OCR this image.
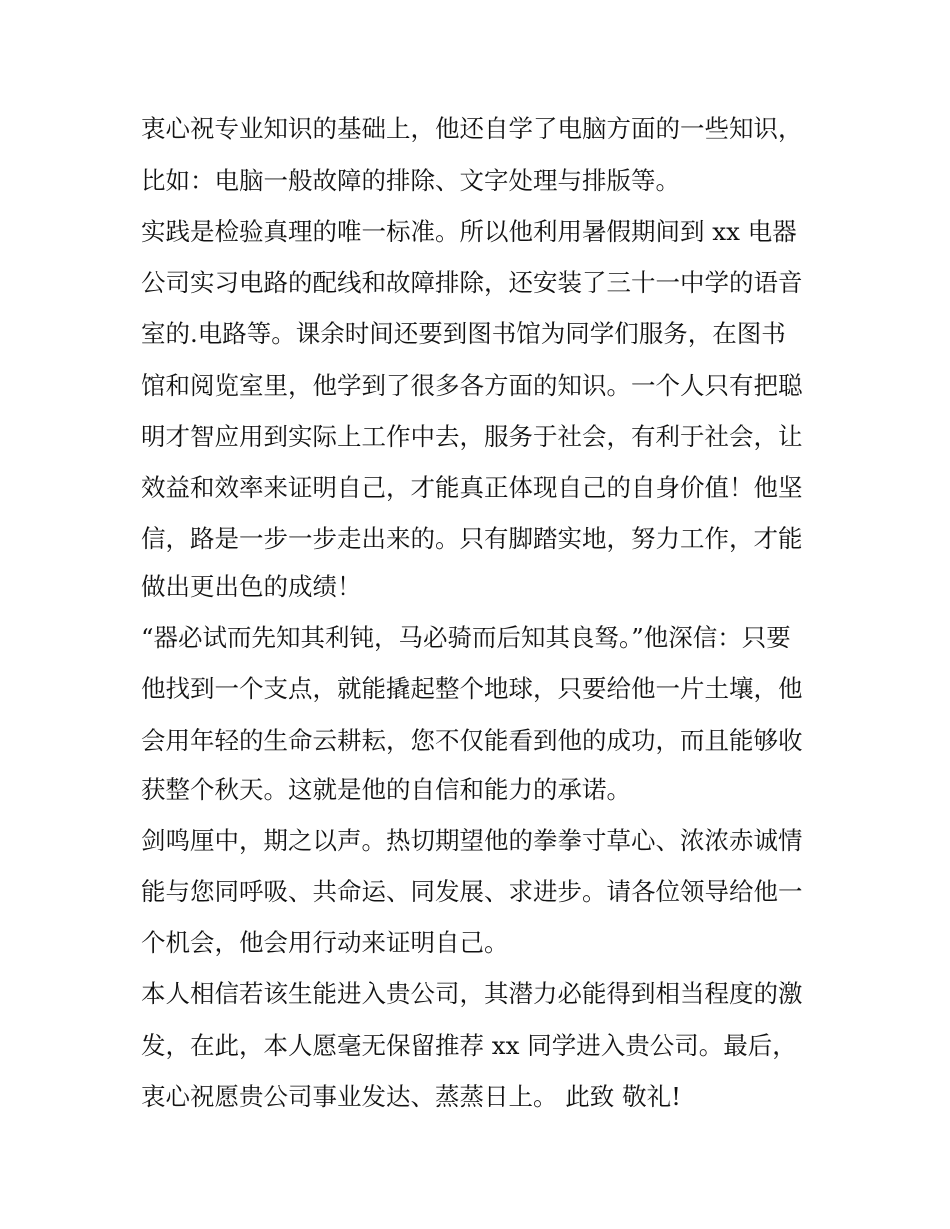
衷心祝专业知识的基础上，他还自学了电脑方面的一些知识，
比如：电脑一般故障的排除、文字处理与排版等。
实践是检验真理的唯一标准。所以他利用暑假期间到 xx 电器
公司实习电路的配线和故障排除，还安装了三十一中学的语音
室的.电路等。课余时间还要到图书馆为同学们服务，在图书
馆和阅览室里，他学到了很多各方面的知识。一个人只有把聪
明才智应用到实际上工作中去，服务于社会，有利于社会，让
效益和效率来证明自己，才能真正体现自己的自身价值！他坚
信，路是一步一步走出来的。只有脚踏实地，努力工作，才能
做出更出色的成绩！
“器必试而先知其利钝，马必骑而后知其良驽。”他深信：只要
他找到一个支点，就能撬起整个地球，只要给他一片土壤，他
会用年轻的生命云耕耘，您不仅能看到他的成功，而且能够收
获整个秋天。这就是他的自信和能力的承诺。
剑鸣厘中，期之以声。热切期望他的拳拳寸草心、浓浓赤诚情
能与您同呼吸、共命运、同发展、求进步。请各位领导给他一
个机会，他会用行动来证明自己。
本人相信若该生能进入贵公司，其潜力必能得到相当程度的激
发，在此，本人愿毫无保留推荐 xx 同学进入贵公司。最后，
衷心祝愿贵公司事业发达、蒸蒸日上。 此致 敬礼!
